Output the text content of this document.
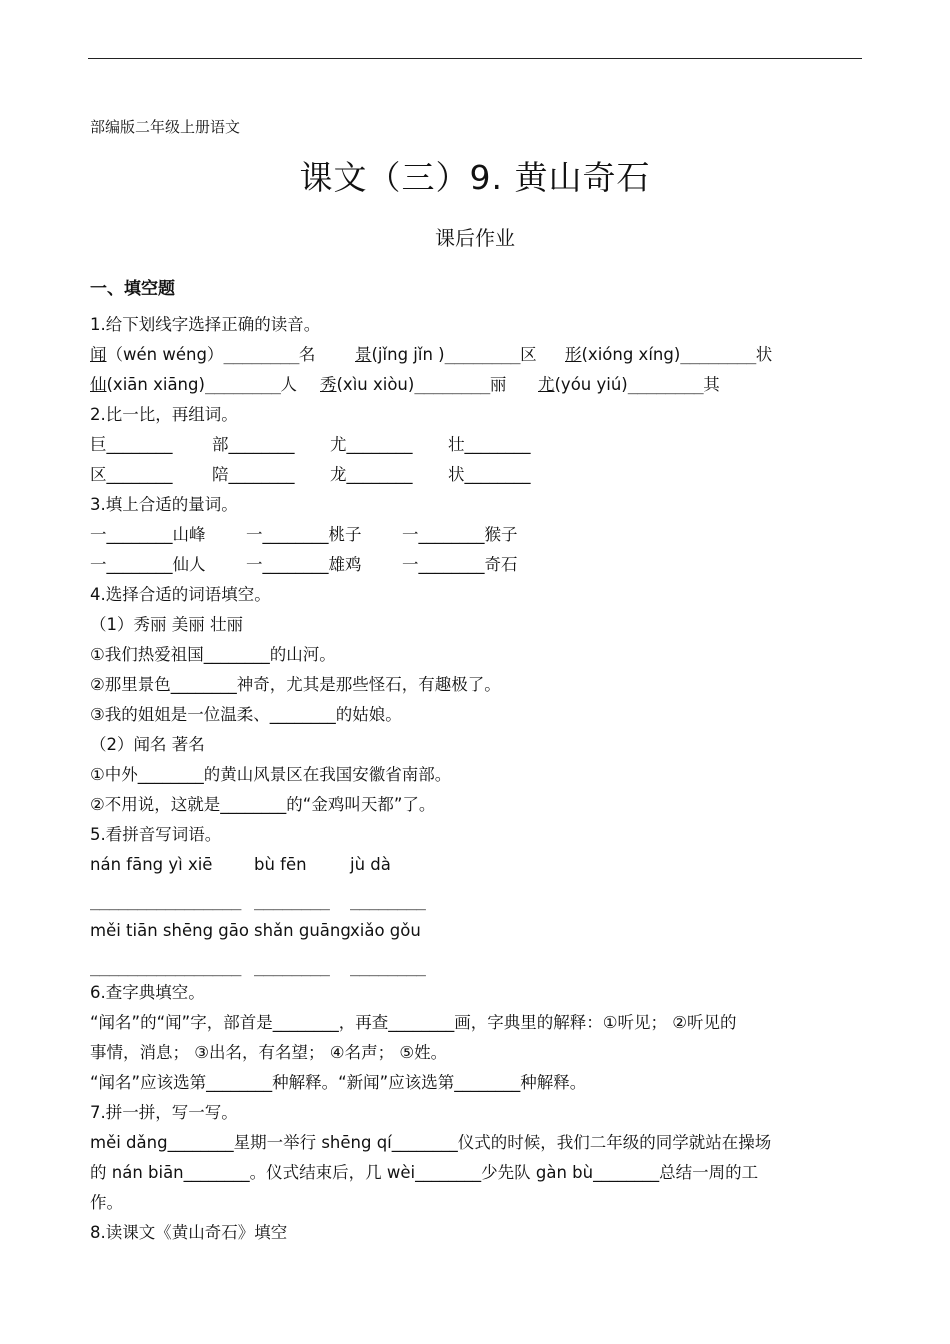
部编版二年级上册语文
课文（三）9. 黄山奇石
课后作业
一、填空题
1.给下划线字选择正确的读音。
闻（wén wéng）________名 景(jǐng jǐn )________区 形(xióng xíng)________状
仙(xiān xiāng)________人 秀(xìu xiòu)________丽 尤(yóu yiú)________其
2.比一比，再组词。
巨________ 部________ 尤________ 壮________
区________ 陪________ 龙________ 状________
3.填上合适的量词。
一________山峰 一________桃子 一________猴子
一________仙人 一________雄鸡 一________奇石
4.选择合适的词语填空。
（1）秀丽 美丽 壮丽
①我们热爱祖国________的山河。
②那里景色________神奇，尤其是那些怪石，有趣极了。
③我的姐姐是一位温柔、________的姑娘。
（2）闻名 著名
①中外________的黄山风景区在我国安徽省南部。
②不用说，这就是________的“金鸡叫天都”了。
5.看拼音写词语。
nán fāng yì xiē	bù fēn	jù dà
________________ ________ ________
měi tiān shēng gāo shǎn guāngxiǎo gǒu
________________ ________ ________
6.查字典填空。
“闻名”的“闻”字，部首是________，再查________画，字典里的解释：①听见； ②听见的
事情，消息； ③出名，有名望； ④名声； ⑤姓。
“闻名”应该选第________种解释。“新闻”应该选第________种解释。
7.拼一拼，写一写。
měi dǎng________星期一举行 shēng qí________仪式的时候，我们二年级的同学就站在操场
的 nán biān________。仪式结束后，几 wèi________少先队 gàn bù________总结一周的工
作。
8.读课文《黄山奇石》填空
